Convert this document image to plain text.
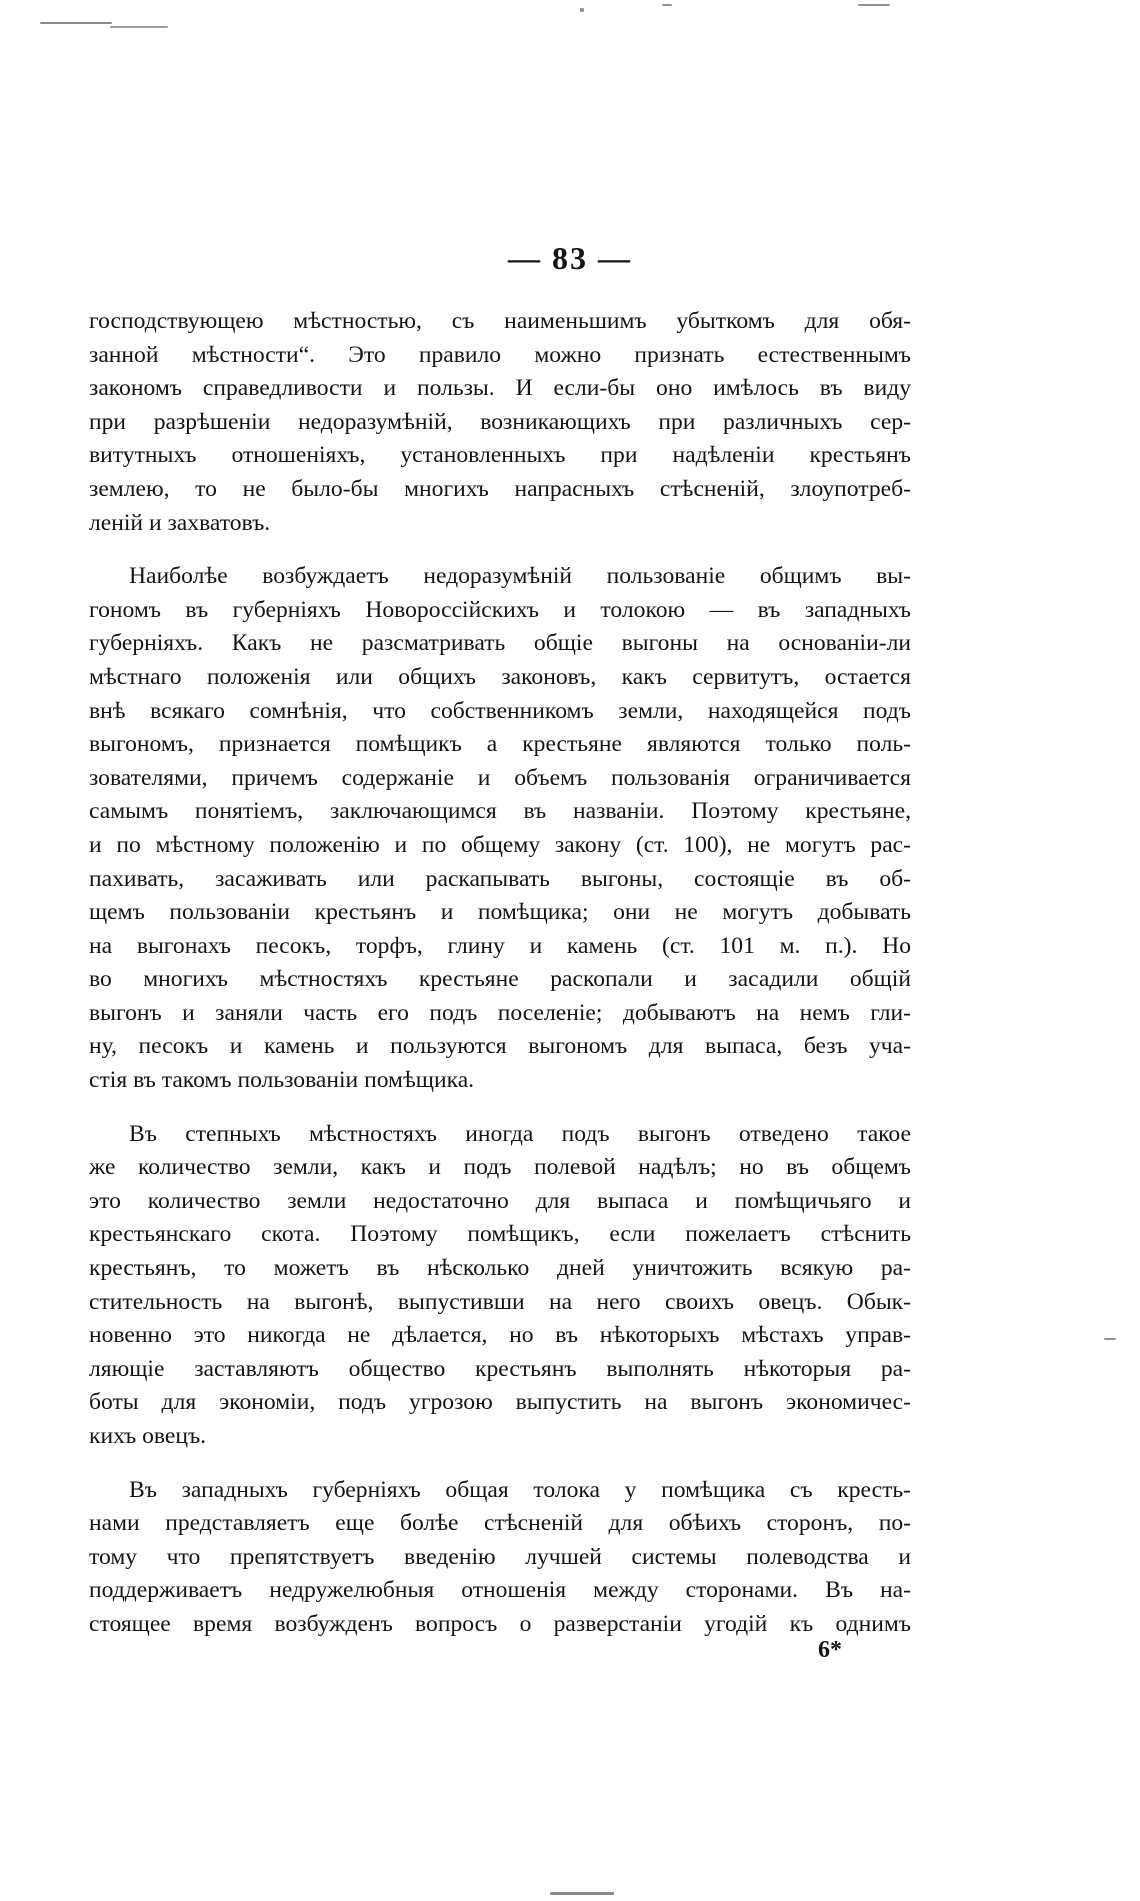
— 83 —

господствующею мѣстностью, съ наименьшимъ убыткомъ для обя-
занной мѣстности“. Это правило можно признать естественнымъ
закономъ справедливости и пользы. И если-бы оно имѣлось въ виду
при разрѣшеніи недоразумѣній, возникающихъ при различныхъ сер-
витутныхъ отношеніяхъ, установленныхъ при надѣленіи крестьянъ
землею, то не было-бы многихъ напрасныхъ стѣсненій, злоупотреб-
леній и захватовъ.

Наиболѣе возбуждаетъ недоразумѣній пользованіе общимъ вы-
гономъ въ губерніяхъ Новороссійскихъ и толокою — въ западныхъ
губерніяхъ. Какъ не разсматривать общіе выгоны на основаніи-ли
мѣстнаго положенія или общихъ законовъ, какъ сервитутъ, остается
внѣ всякаго сомнѣнія, что собственникомъ земли, находящейся подъ
выгономъ, признается помѣщикъ а крестьяне являются только поль-
зователями, причемъ содержаніе и объемъ пользованія ограничивается
самымъ понятіемъ, заключающимся въ названіи. Поэтому крестьяне,
и по мѣстному положенію и по общему закону (ст. 100), не могутъ рас-
пахивать, засаживать или раскапывать выгоны, состоящіе въ об-
щемъ пользованіи крестьянъ и помѣщика; они не могутъ добывать
на выгонахъ песокъ, торфъ, глину и камень (ст. 101 м. п.). Но
во многихъ мѣстностяхъ крестьяне раскопали и засадили общій
выгонъ и заняли часть его подъ поселеніе; добываютъ на немъ гли-
ну, песокъ и камень и пользуются выгономъ для выпаса, безъ уча-
стія въ такомъ пользованіи помѣщика.

Въ степныхъ мѣстностяхъ иногда подъ выгонъ отведено такое
же количество земли, какъ и подъ полевой надѣлъ; но въ общемъ
это количество земли недостаточно для выпаса и помѣщичьяго и
крестьянскаго скота. Поэтому помѣщикъ, если пожелаетъ стѣснить
крестьянъ, то можетъ въ нѣсколько дней уничтожить всякую ра-
стительность на выгонѣ, выпустивши на него своихъ овецъ. Обык-
новенно это никогда не дѣлается, но въ нѣкоторыхъ мѣстахъ управ-
ляющіе заставляютъ общество крестьянъ выполнять нѣкоторыя ра-
боты для экономіи, подъ угрозою выпустить на выгонъ экономичес-
кихъ овецъ.

Въ западныхъ губерніяхъ общая толока у помѣщика съ кресть-
нами представляетъ еще болѣе стѣсненій для обѣихъ сторонъ, по-
тому что препятствуетъ введенію лучшей системы полеводства и
поддерживаетъ недружелюбныя отношенія между сторонами. Въ на-
стоящее время возбужденъ вопросъ о разверстаніи угодій къ однимъ

6*
